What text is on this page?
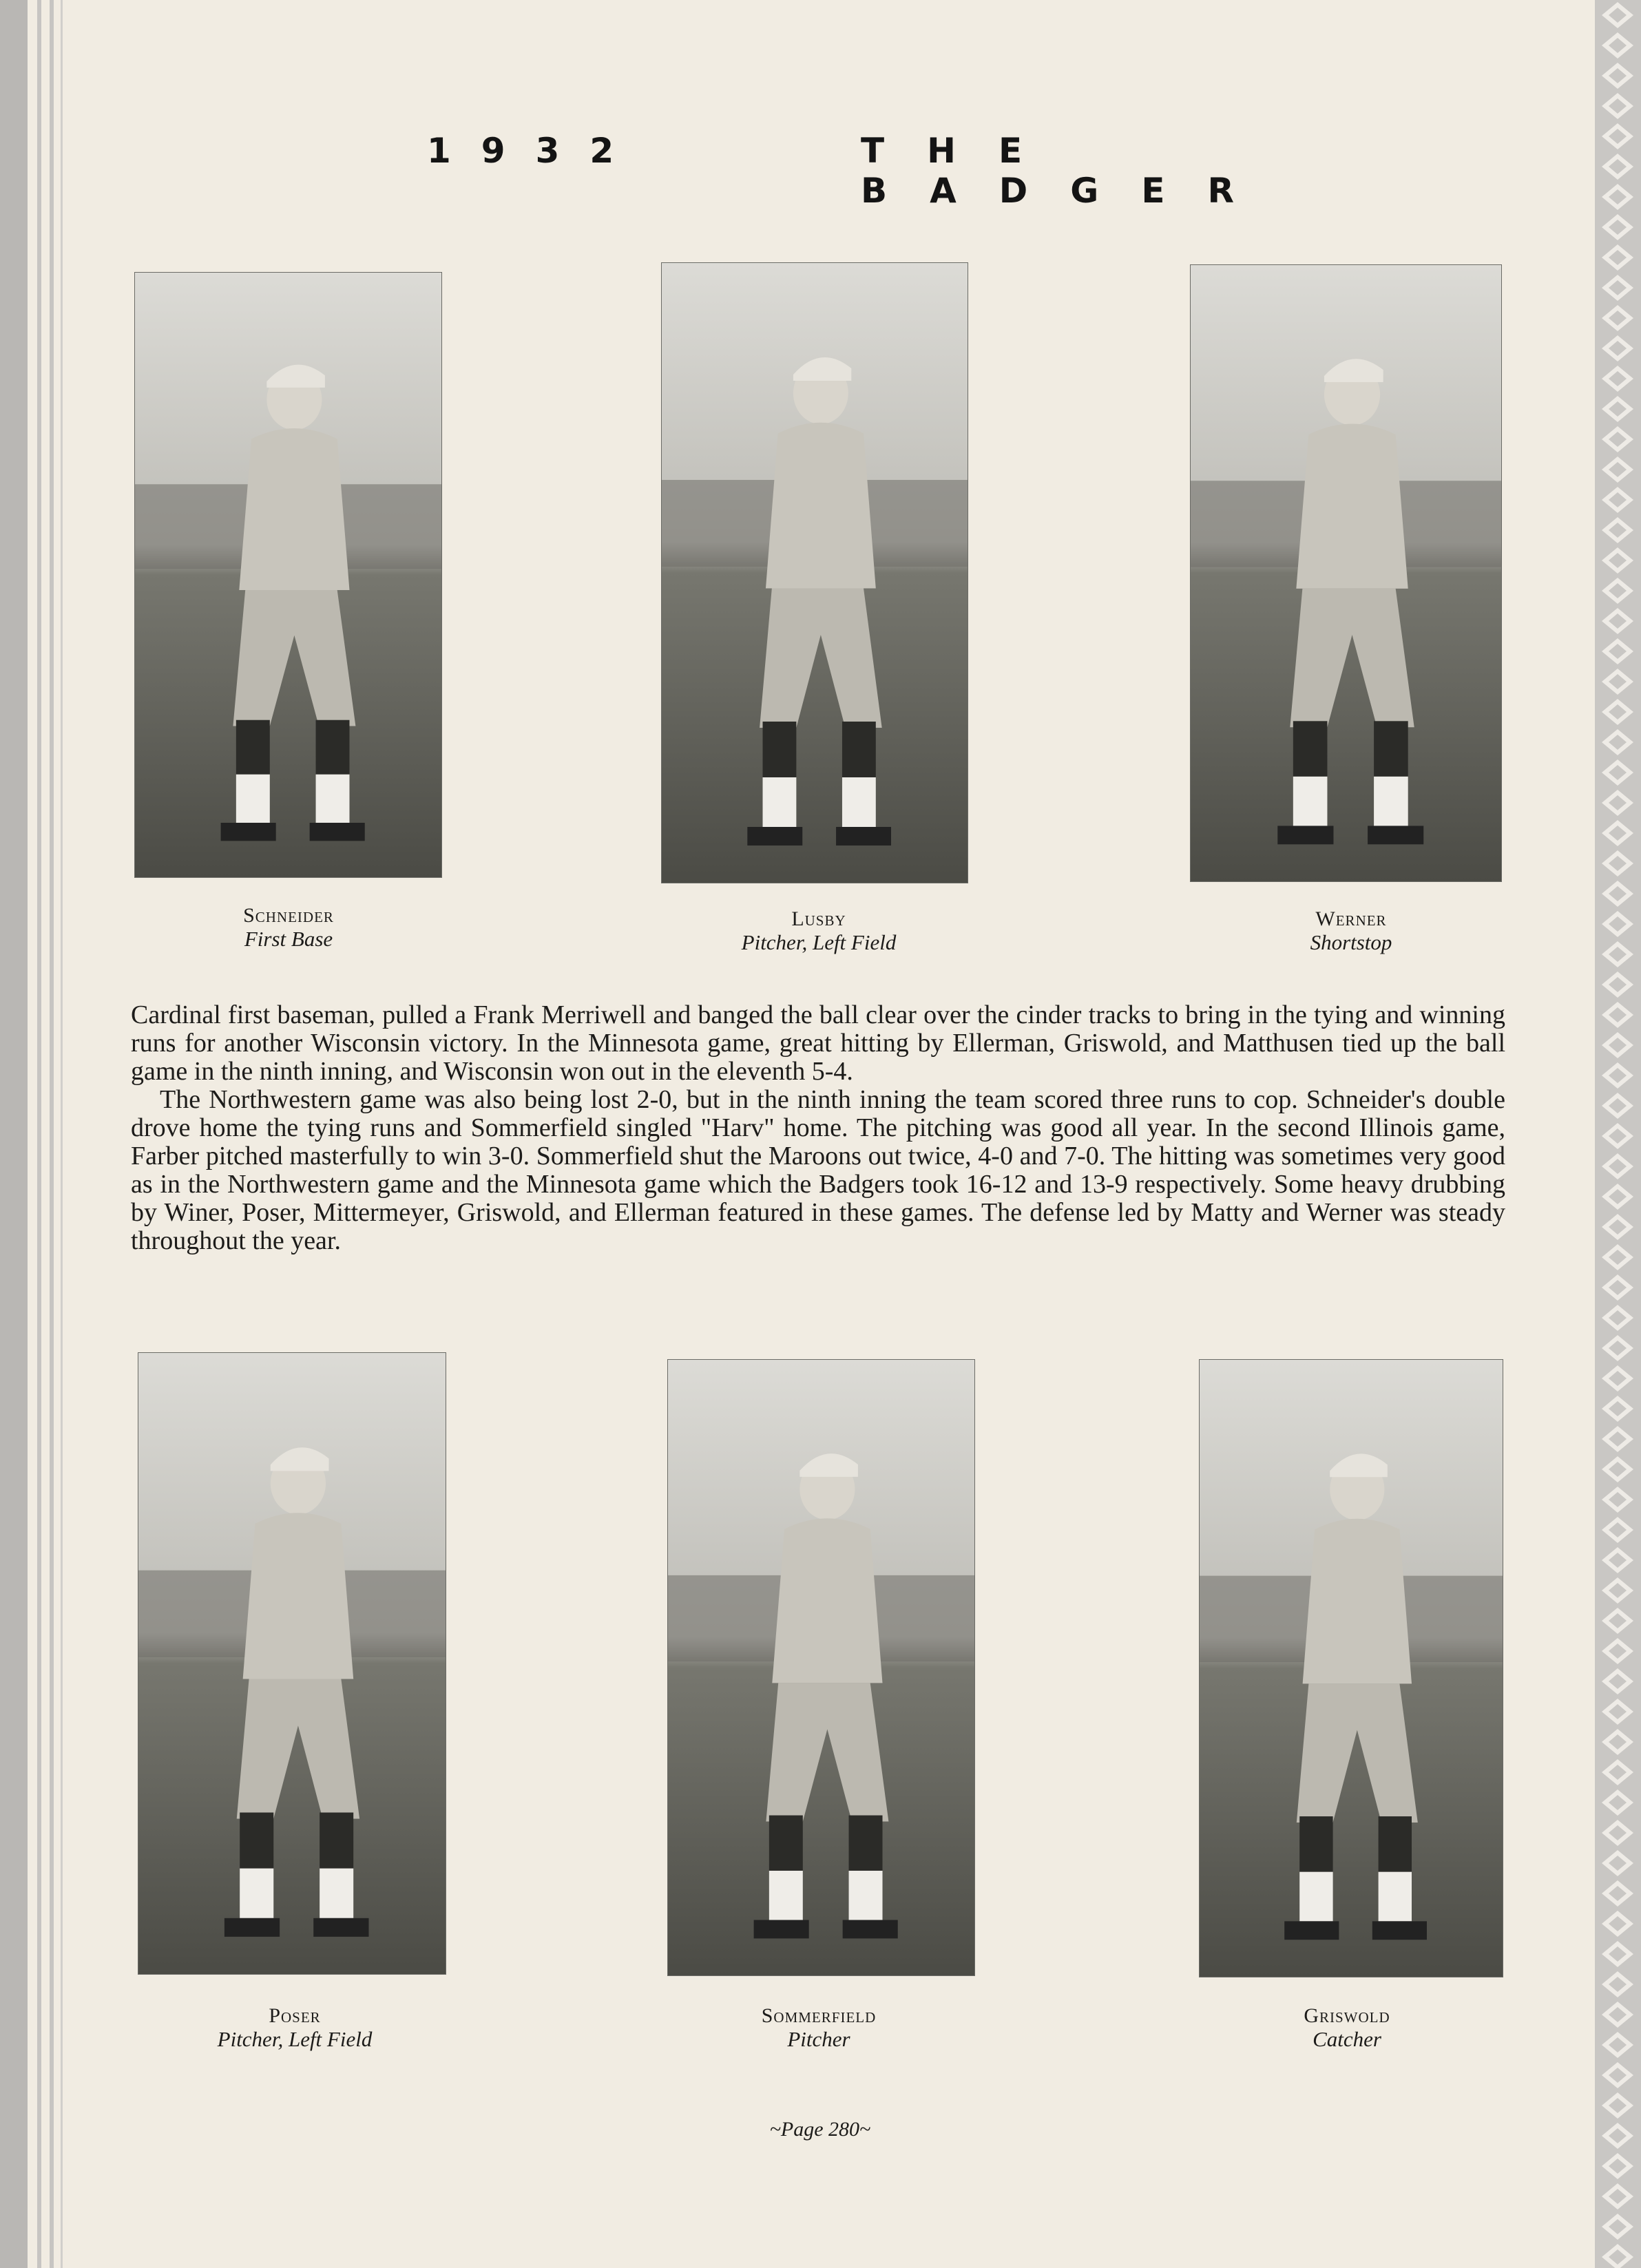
1932	THE BADGER
Schneider
First Base
Lusby
Pitcher, Left Field
Werner
Shortstop

Cardinal first baseman, pulled a Frank Merriwell and banged the ball clear over the cinder tracks to bring in the tying and winning runs for another Wisconsin victory. In the Minnesota game, great hitting by Ellerman, Griswold, and Matthusen tied up the ball game in the ninth inning, and Wisconsin won out in the eleventh 5-4.

The Northwestern game was also being lost 2-0, but in the ninth inning the team scored three runs to cop. Schneider's double drove home the tying runs and Sommerfield singled "Harv" home. The pitching was good all year. In the second Illinois game, Farber pitched masterfully to win 3-0. Sommerfield shut the Maroons out twice, 4-0 and 7-0. The hitting was sometimes very good as in the Northwestern game and the Minnesota game which the Badgers took 16-12 and 13-9 respectively. Some heavy drubbing by Winer, Poser, Mittermeyer, Griswold, and Ellerman featured in these games. The defense led by Matty and Werner was steady throughout the year.

Poser
Pitcher, Left Field
Sommerfield
Pitcher
Griswold
Catcher
~Page 280~
